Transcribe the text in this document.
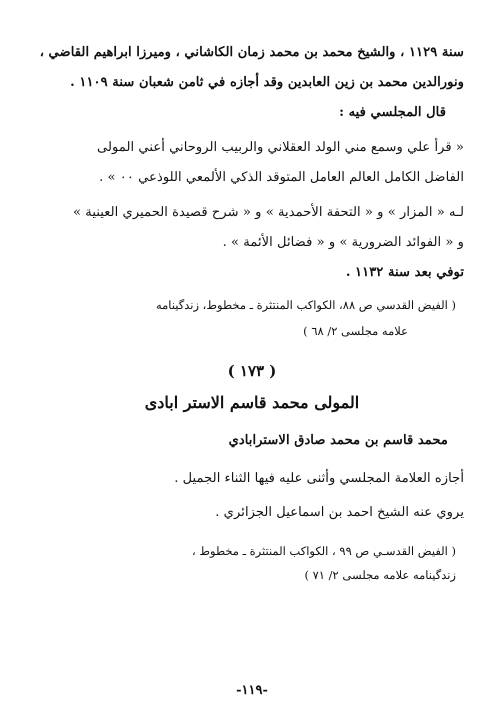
سنة ١١٢٩ ، والشيخ محمد بن محمد زمان الكاشاني ، وميرزا ابراهيم القاضي ،
ونورالدين محمد بن زين العابدين وقد أجازه في ثامن شعبان سنة ١١٠٩ .
قال المجلسي فيه :
« قرأ علي وسمع مني الولد العقلاني والربيب الروحاني أعني المولى
الفاضل الكامل العالم العامل المتوقد الذكي الألمعي اللوذعي ٠٠ » .
لـه « المزار » و « التحفة الأحمدية » و « شرح قصيدة الحميري العينية »
و « الفوائد الضرورية » و « فضائل الأئمة » .
توفي بعد سنة ١١٣٢ .
( الفيض القدسي ص ٨٨، الكواكب المنتثرة ـ مخطوط، زندگينامه
علامه مجلسى ٢/ ٦٨ )
( ١٧٣ )
المولى محمد قاسم الاستر ابادى
محمد قاسم بن محمد صادق الاسترابادي
أجازه العلامة المجلسي وأثنى عليه فيها الثناء الجميل .
يروي عنه الشيخ احمد بن اسماعيل الجزائري .
( الفيض القدسـي ص ٩٩ ، الكواكب المنتثرة ـ مخطوط ،
زندگينامه علامه مجلسى ٢/ ٧١ )
-١١٩-
